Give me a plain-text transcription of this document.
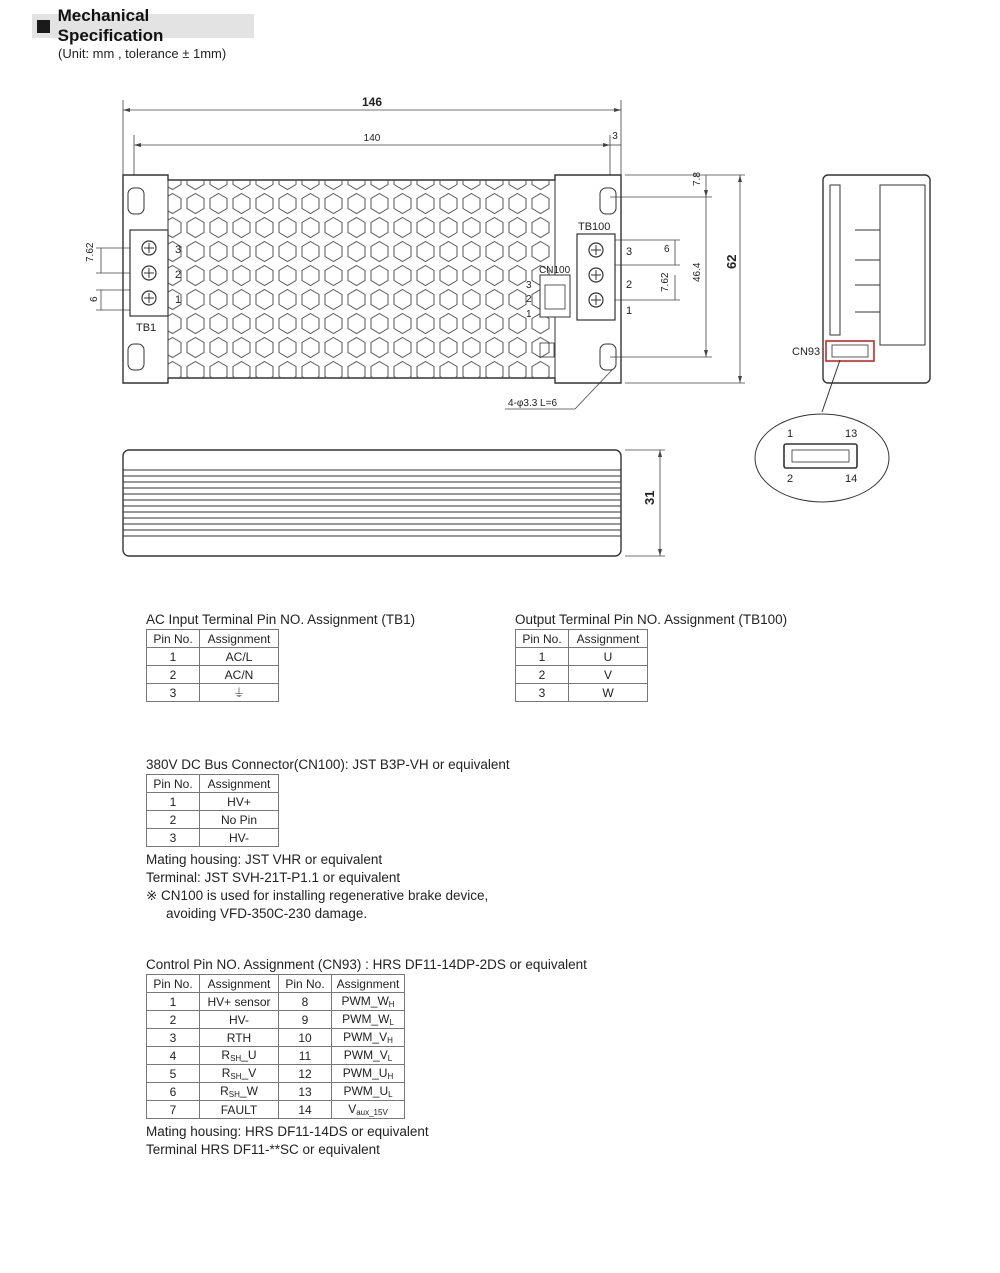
Mechanical Specification
(Unit: mm , tolerance ± 1mm)
146
140	3
62
7.8
46.4
7.62
6
6
7.62
31
4-φ3.3 L=6
TB1
3
2
1
TB100
3
2
1
CN100
3
2
1
CN93
1	13
2	14
AC Input Terminal Pin NO. Assignment (TB1)
Pin No.	Assignment
1	AC/L
2	AC/N
3	⏚
Output Terminal Pin NO. Assignment (TB100)
Pin No.	Assignment
1	U
2	V
3	W
380V DC Bus Connector(CN100): JST B3P-VH or equivalent
Pin No.	Assignment
1	HV+
2	No Pin
3	HV-
Mating housing: JST VHR or equivalent
Terminal: JST SVH-21T-P1.1 or equivalent
※ CN100 is used for installing regenerative brake device,
avoiding VFD-350C-230 damage.
Control Pin NO. Assignment (CN93) : HRS DF11-14DP-2DS or equivalent
Pin No.	Assignment	Pin No.	Assignment
1	HV+ sensor	8	$PWM\_W_H$
2	HV-	9	$PWM\_W_L$
3	RTH	10	$PWM\_V_H$
4	$R_{SH}\_U$	11	$PWM\_V_L$
5	$R_{SH}\_V$	12	$PWM\_U_H$
6	$R_{SH}\_W$	13	$PWM\_U_L$
7	FAULT	14	$V_{aux\_15V}$
Mating housing: HRS DF11-14DS or equivalent
Terminal HRS DF11-**SC or equivalent
